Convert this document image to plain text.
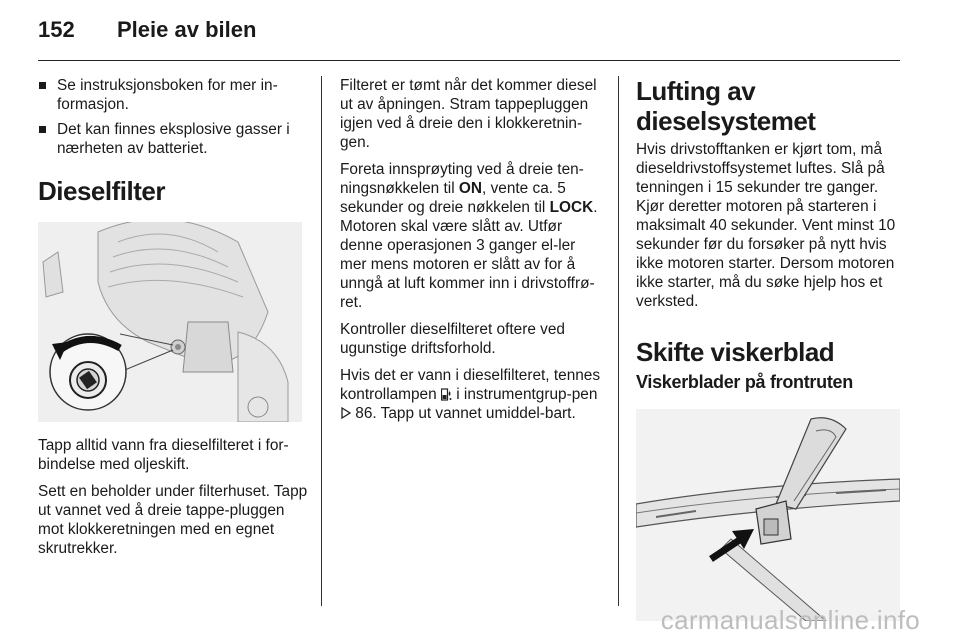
152 Pleie av bilen
Se instruksjonsboken for mer in-formasjon.
Det kan finnes eksplosive gasser i nærheten av batteriet.
Dieselfilter

Tapp alltid vann fra dieselfilteret i for-bindelse med oljeskift.

Sett en beholder under filterhuset. Tapp ut vannet ved å dreie tappe-pluggen mot klokkeretningen med en egnet skrutrekker.

Filteret er tømt når det kommer diesel ut av åpningen. Stram tappepluggen igjen ved å dreie den i klokkeretnin-gen.

Foreta innsprøyting ved å dreie ten-ningsnøkkelen til ON, vente ca. 5 sekunder og dreie nøkkelen til LOCK. Motoren skal være slått av. Utfør denne operasjonen 3 ganger el-ler mer mens motoren er slått av for å unngå at luft kommer inn i drivstoffrø-ret.

Kontroller dieselfilteret oftere ved ugunstige driftsforhold.

Hvis det er vann i dieselfilteret, tennes kontrollampen  i instrumentgrup-pen  86. Tapp ut vannet umiddel-bart.

Lufting av dieselsystemet

Hvis drivstofftanken er kjørt tom, må dieseldrivstoffsystemet luftes. Slå på tenningen i 15 sekunder tre ganger. Kjør deretter motoren på starteren i maksimalt 40 sekunder. Vent minst 10 sekunder før du forsøker på nytt hvis ikke motoren starter. Dersom motoren ikke starter, må du søke hjelp hos et verksted.

Skifte viskerblad
Viskerblader på frontruten
carmanualsonline.info
